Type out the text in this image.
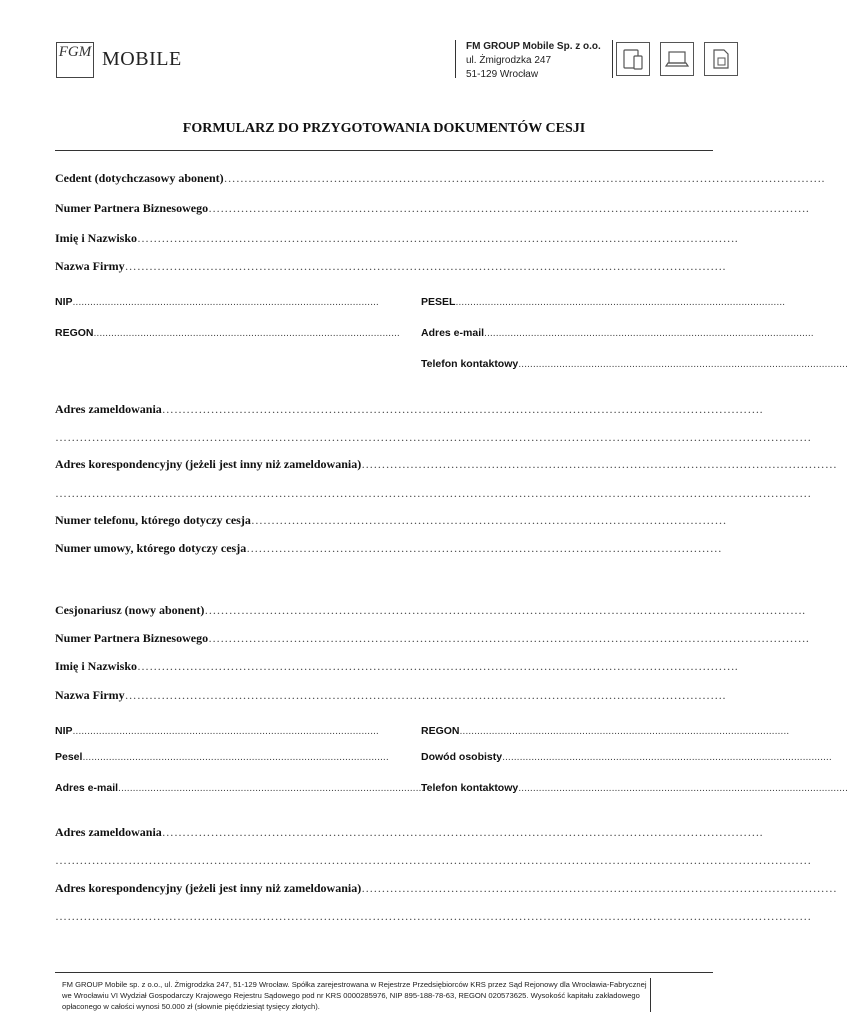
FGM MOBILE
FM GROUP Mobile Sp. z o.o.
ul. Żmigrodzka 247
51-129 Wrocław
FORMULARZ DO PRZYGOTOWANIA DOKUMENTÓW CESJI
Cedent (dotychczasowy abonent)………………………………………………………………………………………………………………………………….
Numer Partnera Biznesowego………………………………………………………………………………………………………………………………….
Imię i Nazwisko………………………………………………………………………………………………………………………………….
Nazwa Firmy………………………………………………………………………………………………………………………………….
NIP.........................................................................................................	PESEL.................................................................................................................
REGON......................................................................................................... Adres e-mail.................................................................................................................
Telefon kontaktowy.................................................................................................................
Adres zameldowania………………………………………………………………………………………………………………………………….
……………………………………………………………………………………………………………………………………………………………………
Adres korespondencyjny (jeżeli jest inny niż zameldowania)………………………………………………………………………………………………………
……………………………………………………………………………………………………………………………………………………………………
Numer telefonu, którego dotyczy cesja………………………………………………………………………………………………………
Numer umowy, którego dotyczy cesja………………………………………………………………………………………………………
Cesjonariusz (nowy abonent)………………………………………………………………………………………………………………………………….
Numer Partnera Biznesowego………………………………………………………………………………………………………………………………….
Imię i Nazwisko………………………………………………………………………………………………………………………………….
Nazwa Firmy………………………………………………………………………………………………………………………………….
NIP.........................................................................................................	REGON.................................................................................................................
Pesel.........................................................................................................	Dowód osobisty.................................................................................................................
Adres e-mail.........................................................................................................
Telefon kontaktowy.................................................................................................................
Adres zameldowania………………………………………………………………………………………………………………………………….
……………………………………………………………………………………………………………………………………………………………………
Adres korespondencyjny (jeżeli jest inny niż zameldowania)………………………………………………………………………………………………………
……………………………………………………………………………………………………………………………………………………………………
FM GROUP Mobile sp. z o.o., ul. Żmigrodzka 247, 51-129 Wrocław. Spółka zarejestrowana w Rejestrze Przedsiębiorców KRS przez Sąd Rejonowy dla Wrocławia-Fabrycznej we Wrocławiu VI Wydział Gospodarczy Krajowego Rejestru Sądowego pod nr KRS 0000285976, NIP 895-188-78-63, REGON 020573625. Wysokość kapitału zakładowego opłaconego w całości wynosi 50.000 zł (słownie pięćdziesiąt tysięcy złotych).
